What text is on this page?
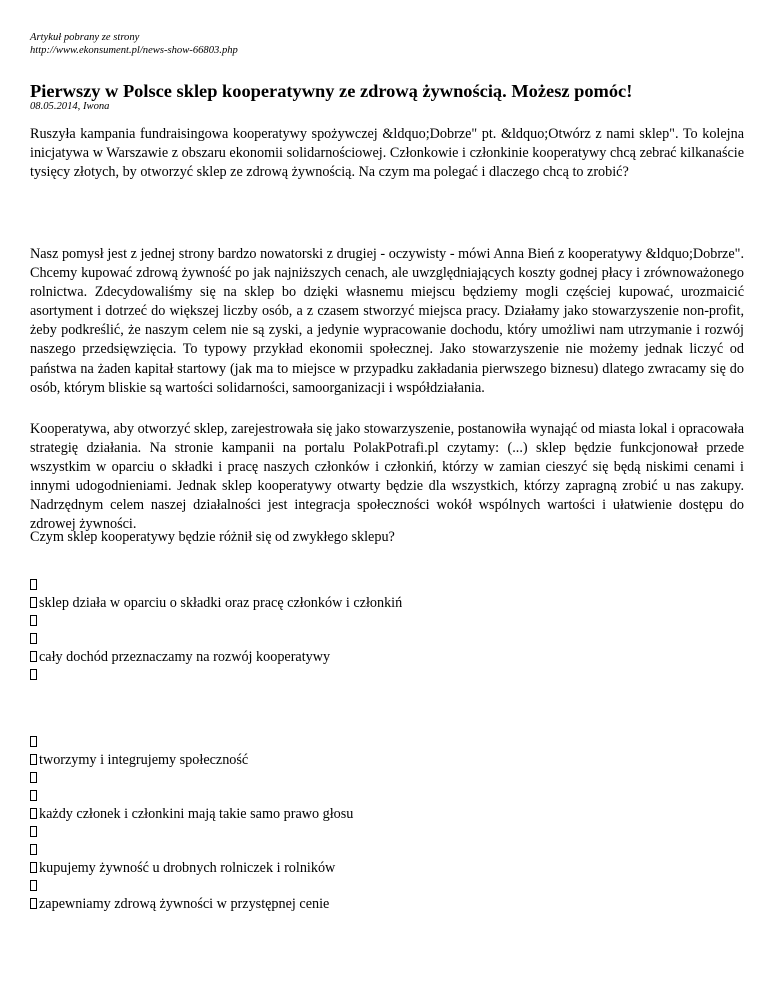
Artykuł pobrany ze strony
http://www.ekonsument.pl/news-show-66803.php
Pierwszy w Polsce sklep kooperatywny ze zdrową żywnością. Możesz pomóc!
08.05.2014, Iwona

Ruszyła kampania fundraisingowa kooperatywy spożywczej &ldquo;Dobrze" pt. &ldquo;Otwórz z nami sklep". To kolejna inicjatywa w Warszawie z obszaru ekonomii solidarnościowej. Członkowie i członkinie kooperatywy chcą zebrać kilkanaście tysięcy złotych, by otworzyć sklep ze zdrową żywnością. Na czym ma polegać i dlaczego chcą to zrobić?

Nasz pomysł jest z jednej strony bardzo nowatorski z drugiej - oczywisty - mówi Anna Bień z kooperatywy &ldquo;Dobrze". Chcemy kupować zdrową żywność po jak najniższych cenach, ale uwzględniających koszty godnej płacy i zrównoważonego rolnictwa. Zdecydowaliśmy się na sklep bo dzięki własnemu miejscu będziemy mogli częściej kupować, urozmaicić asortyment i dotrzeć do większej liczby osób, a z czasem stworzyć miejsca pracy. Działamy jako stowarzyszenie non-profit, żeby podkreślić, że naszym celem nie są zyski, a jedynie wypracowanie dochodu, który umożliwi nam utrzymanie i rozwój naszego przedsięwzięcia. To typowy przykład ekonomii społecznej. Jako stowarzyszenie nie możemy jednak liczyć od państwa na żaden kapitał startowy (jak ma to miejsce w przypadku zakładania pierwszego biznesu) dlatego zwracamy się do osób, którym bliskie są wartości solidarności, samoorganizacji i współdziałania.

Kooperatywa, aby otworzyć sklep, zarejestrowała się jako stowarzyszenie, postanowiła wynająć od miasta lokal i opracowała strategię działania. Na stronie kampanii na portalu PolakPotrafi.pl czytamy: (...) sklep będzie funkcjonował przede wszystkim w oparciu o składki i pracę naszych członków i członkiń, którzy w zamian cieszyć się będą niskimi cenami i innymi udogodnieniami. Jednak sklep kooperatywy otwarty będzie dla wszystkich, którzy zapragną zrobić u nas zakupy. Nadrzędnym celem naszej działalności jest integracja społeczności wokół wspólnych wartości i ułatwienie dostępu do zdrowej żywności.

Czym sklep kooperatywy będzie różnił się od zwykłego sklepu?

sklep działa w oparciu o składki oraz pracę członków i członkiń
cały dochód przeznaczamy na rozwój kooperatywy
tworzymy i integrujemy społeczność
każdy członek i członkini mają takie samo prawo głosu
kupujemy żywność u drobnych rolniczek i rolników
zapewniamy zdrową żywności w przystępnej cenie
